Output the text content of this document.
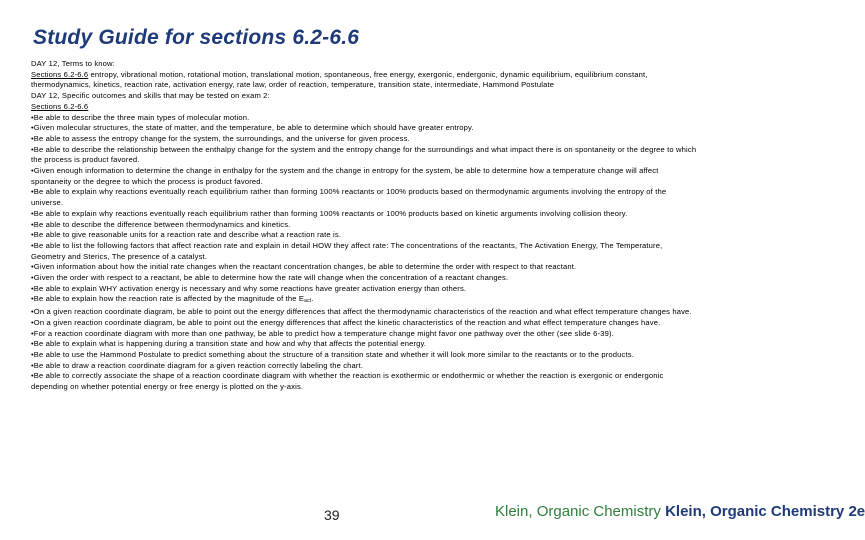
Study Guide for sections 6.2-6.6
DAY 12, Terms to know:
Sections 6.2-6.6 entropy, vibrational motion, rotational motion, translational motion, spontaneous, free energy, exergonic, endergonic, dynamic equilibrium, equilibrium constant, thermodynamics, kinetics, reaction rate, activation energy, rate law, order of reaction, temperature, transition state, intermediate, Hammond Postulate
DAY 12, Specific outcomes and skills that may be tested on exam 2:
Sections 6.2-6.6
•Be able to describe the three main types of molecular motion.
•Given molecular structures, the state of matter, and the temperature, be able to determine which should have greater entropy.
•Be able to assess the entropy change for the system, the surroundings, and the universe for given process.
•Be able to describe the relationship between the enthalpy change for the system and the entropy change for the surroundings and what impact there is on spontaneity or the degree to which the process is product favored.
•Given enough information to determine the change in enthalpy for the system and the change in entropy for the system, be able to determine how a temperature change will affect spontaneity or the degree to which the process is product favored.
•Be able to explain why reactions eventually reach equilibrium rather than forming 100% reactants or 100% products based on thermodynamic arguments involving the entropy of the universe.
•Be able to explain why reactions eventually reach equilibrium rather than forming 100% reactants or 100% products based on kinetic arguments involving collision theory.
•Be able to describe the difference between thermodynamics and kinetics.
•Be able to give reasonable units for a reaction rate and describe what a reaction rate is.
•Be able to list the following factors that affect reaction rate and explain in detail HOW they affect rate: The concentrations of the reactants, The Activation Energy, The Temperature, Geometry and Sterics, The presence of a catalyst.
•Given information about how the initial rate changes when the reactant concentration changes, be able to determine the order with respect to that reactant.
•Given the order with respect to a reactant, be able to determine how the rate will change when the concentration of a reactant changes.
•Be able to explain WHY activation energy is necessary and why some reactions have greater activation energy than others.
•Be able to explain how the reaction rate is affected by the magnitude of the $E_{act}$.
•On a given reaction coordinate diagram, be able to point out the energy differences that affect the thermodynamic characteristics of the reaction and what effect temperature changes have.
•On a given reaction coordinate diagram, be able to point out the energy differences that affect the kinetic characteristics of the reaction and what effect temperature changes have.
•For a reaction coordinate diagram with more than one pathway, be able to predict how a temperature change might favor one pathway over the other (see slide 6-39).
•Be able to explain what is happening during a transition state and how and why that affects the potential energy.
•Be able to use the Hammond Postulate to predict something about the structure of a transition state and whether it will look more similar to the reactants or to the products.
•Be able to draw a reaction coordinate diagram for a given reaction correctly labeling the chart.
•Be able to correctly associate the shape of a reaction coordinate diagram with whether the reaction is exothermic or endothermic or whether the reaction is exergonic or endergonic depending on whether potential energy or free energy is plotted on the y-axis.
39	Klein, Organic Chemistry Klein, Organic Chemistry 2e
